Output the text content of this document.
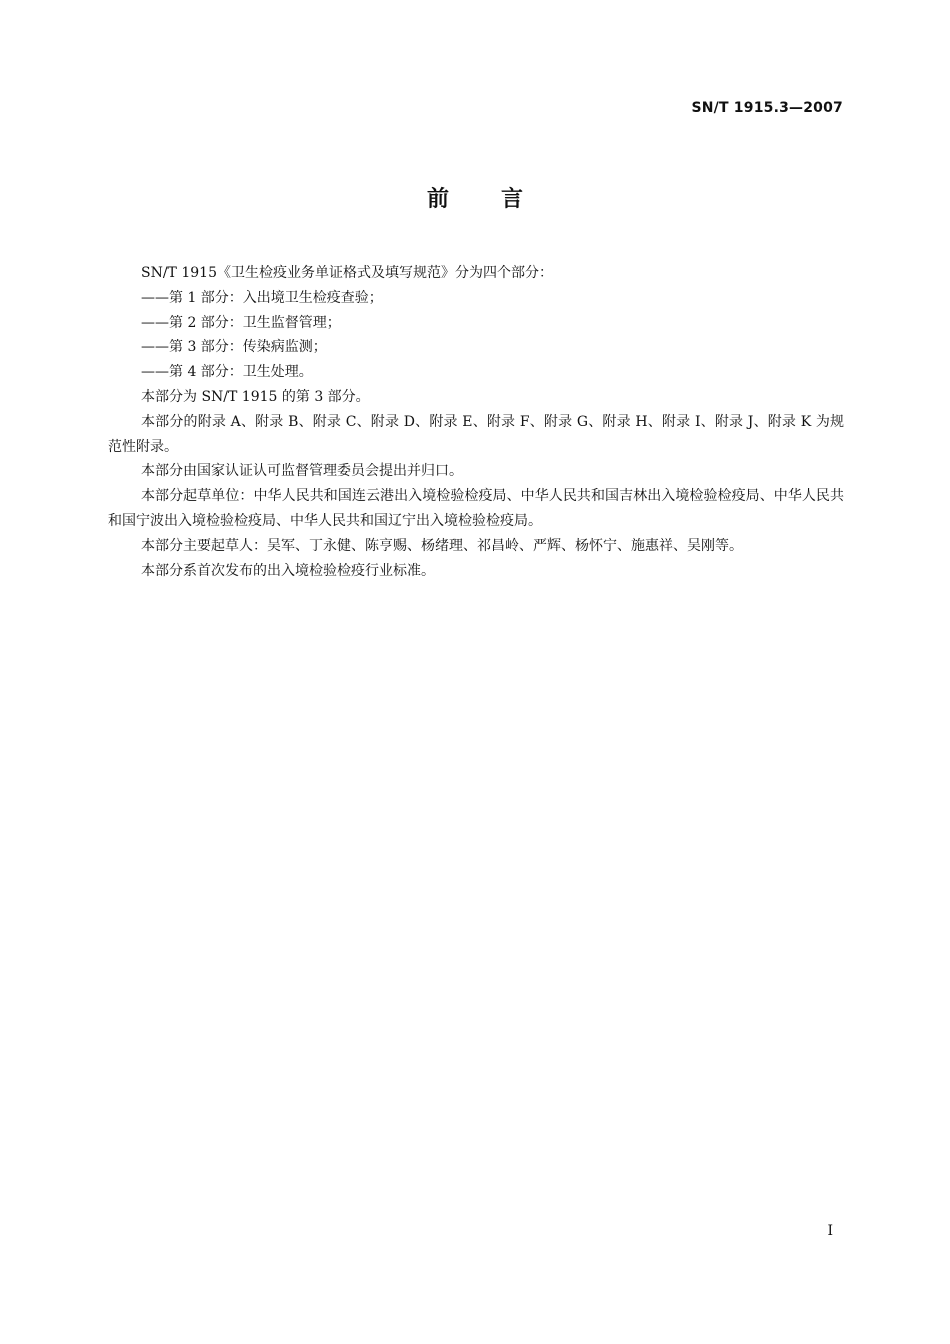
SN/T 1915.3—2007
前 言

SN/T 1915《卫生检疫业务单证格式及填写规范》分为四个部分：

——第 1 部分：入出境卫生检疫查验；

——第 2 部分：卫生监督管理；

——第 3 部分：传染病监测；

——第 4 部分：卫生处理。

本部分为 SN/T 1915 的第 3 部分。

本部分的附录 A、附录 B、附录 C、附录 D、附录 E、附录 F、附录 G、附录 H、附录 I、附录 J、附录 K 为规范性附录。

本部分由国家认证认可监督管理委员会提出并归口。

本部分起草单位：中华人民共和国连云港出入境检验检疫局、中华人民共和国吉林出入境检验检疫局、中华人民共和国宁波出入境检验检疫局、中华人民共和国辽宁出入境检验检疫局。

本部分主要起草人：吴军、丁永健、陈亨赐、杨绪理、祁昌岭、严辉、杨怀宁、施惠祥、吴刚等。

本部分系首次发布的出入境检验检疫行业标准。

I
